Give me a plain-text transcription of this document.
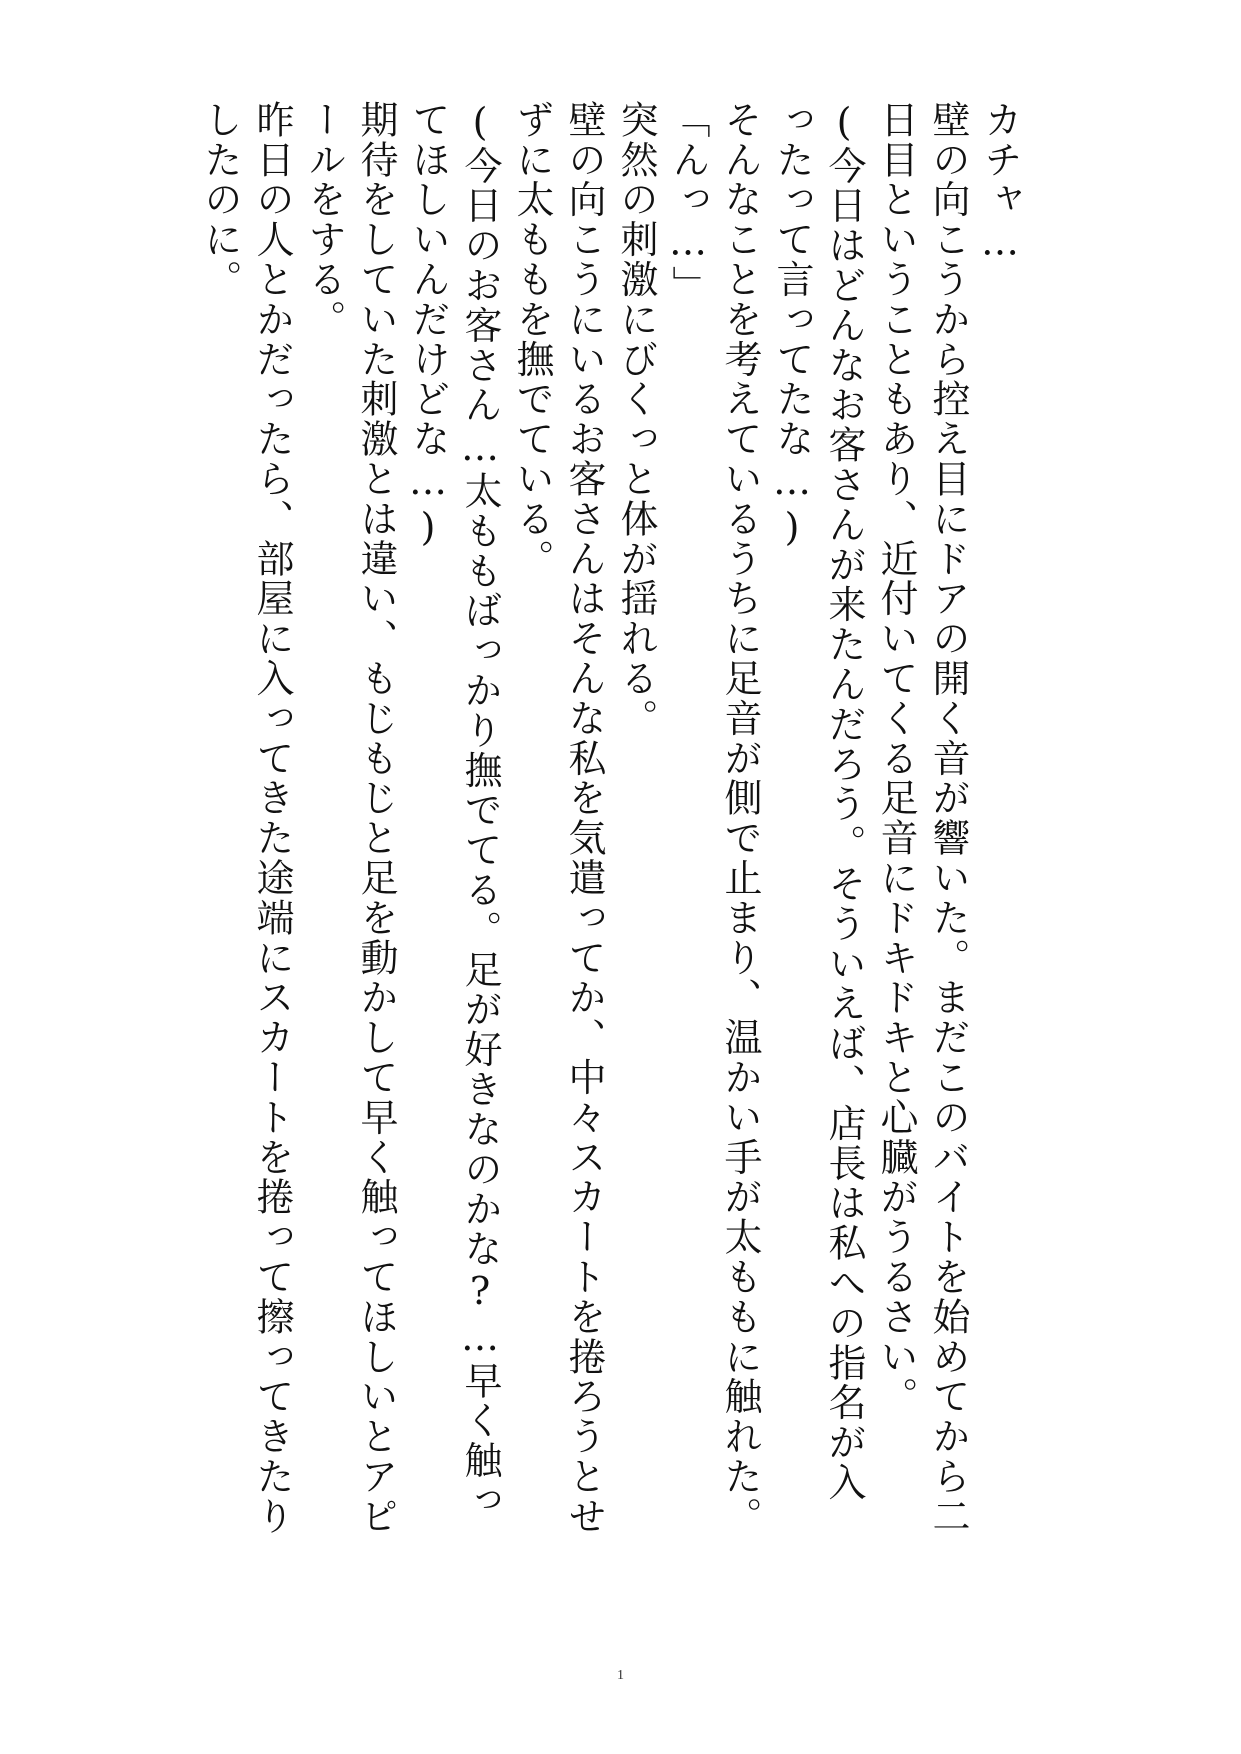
カチャ…

壁の向こうから控え目にドアの開く音が響いた。まだこのバイトを始めてから二日目ということもあり、近付いてくる足音にドキドキと心臓がうるさい。

(今日はどんなお客さんが来たんだろう。そういえば、店長は私への指名が入ったって言ってたな…)

そんなことを考えているうちに足音が側で止まり、温かい手が太ももに触れた。

「んっ…」

突然の刺激にびくっと体が揺れる。

壁の向こうにいるお客さんはそんな私を気遣ってか、中々スカートを捲ろうとせずに太ももを撫でている。

(今日のお客さん…太ももばっかり撫でてる。足が好きなのかな?…早く触ってほしいんだけどな…)

期待をしていた刺激とは違い、もじもじと足を動かして早く触ってほしいとアピールをする。

昨日の人とかだったら、部屋に入ってきた途端にスカートを捲って擦ってきたりしたのに。

1
